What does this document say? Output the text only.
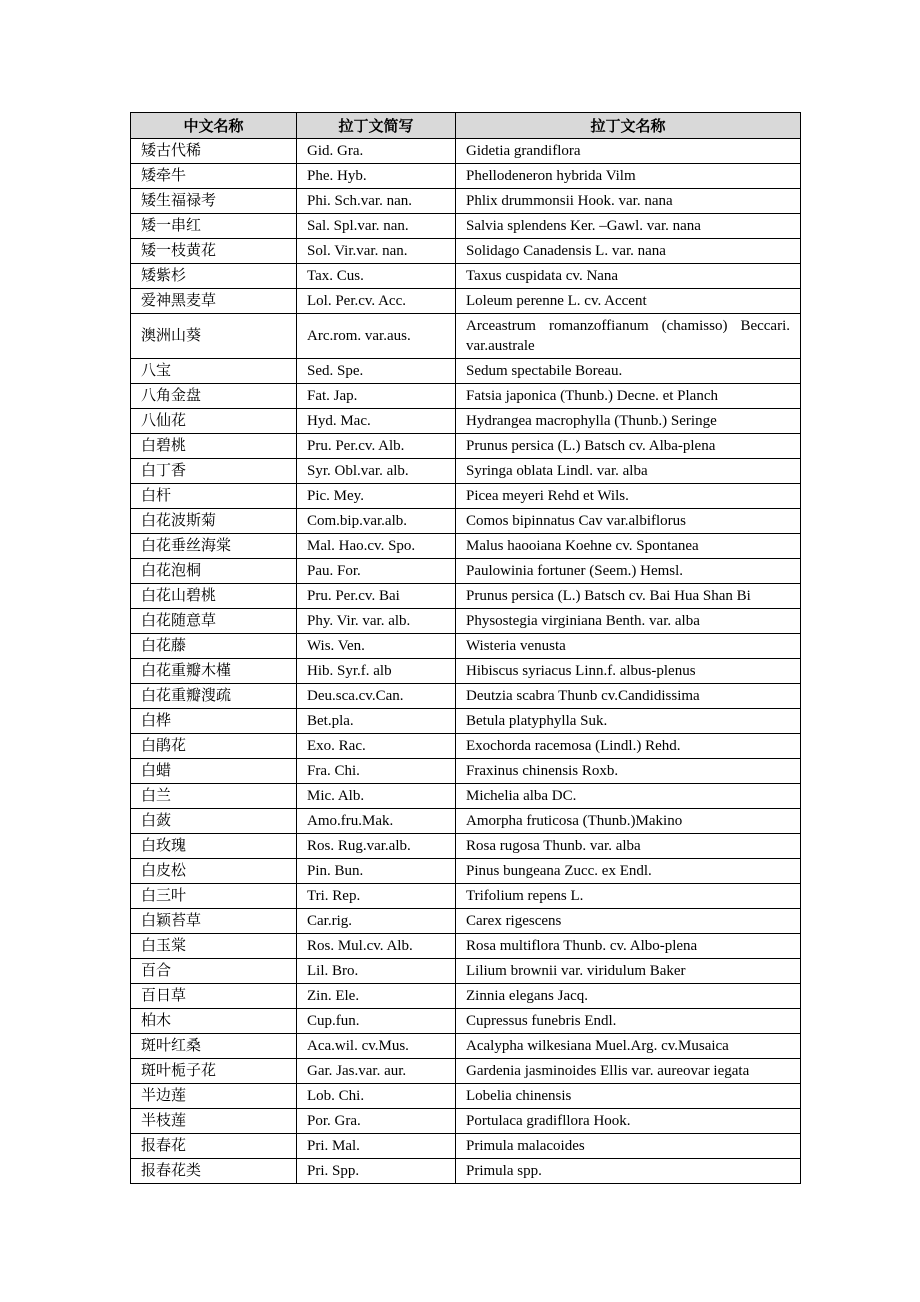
中文名称	拉丁文简写	拉丁文名称
矮古代稀	Gid. Gra.	Gidetia grandiflora
矮牵牛	Phe. Hyb.	Phellodeneron hybrida Vilm
矮生福禄考	Phi. Sch.var. nan.	Phlix drummonsii Hook. var. nana
矮一串红	Sal. Spl.var. nan.	Salvia splendens Ker. –Gawl. var. nana
矮一枝黄花	Sol. Vir.var. nan.	Solidago Canadensis L. var. nana
矮紫杉	Tax. Cus.	Taxus cuspidata cv. Nana
爱神黑麦草	Lol. Per.cv. Acc.	Loleum perenne L. cv. Accent
澳洲山葵	Arc.rom. var.aus.	Arceastrum romanzoffianum (chamisso) Beccari. var.australe
八宝	Sed. Spe.	Sedum spectabile Boreau.
八角金盘	Fat. Jap.	Fatsia japonica (Thunb.) Decne. et Planch
八仙花	Hyd. Mac.	Hydrangea macrophylla (Thunb.) Seringe
白碧桃	Pru. Per.cv. Alb.	Prunus persica (L.) Batsch cv. Alba-plena
白丁香	Syr. Obl.var. alb.	Syringa oblata Lindl. var. alba
白杆	Pic. Mey.	Picea meyeri Rehd et Wils.
白花波斯菊	Com.bip.var.alb.	Comos bipinnatus Cav var.albiflorus
白花垂丝海棠	Mal. Hao.cv. Spo.	Malus haooiana Koehne cv. Spontanea
白花泡桐	Pau. For.	Paulowinia fortuner (Seem.) Hemsl.
白花山碧桃	Pru. Per.cv. Bai	Prunus persica (L.) Batsch cv. Bai Hua Shan Bi
白花随意草	Phy. Vir. var. alb.	Physostegia virginiana Benth. var. alba
白花藤	Wis. Ven.	Wisteria venusta
白花重瓣木槿	Hib. Syr.f. alb	Hibiscus syriacus Linn.f. albus-plenus
白花重瓣溲疏	Deu.sca.cv.Can.	Deutzia scabra Thunb cv.Candidissima
白桦	Bet.pla.	Betula platyphylla Suk.
白鹃花	Exo. Rac.	Exochorda racemosa (Lindl.) Rehd.
白蜡	Fra. Chi.	Fraxinus chinensis Roxb.
白兰	Mic. Alb.	Michelia alba DC.
白蔹	Amo.fru.Mak.	Amorpha fruticosa (Thunb.)Makino
白玫瑰	Ros. Rug.var.alb.	Rosa rugosa Thunb. var. alba
白皮松	Pin. Bun.	Pinus bungeana Zucc. ex Endl.
白三叶	Tri. Rep.	Trifolium repens L.
白颖苔草	Car.rig.	Carex rigescens
白玉棠	Ros. Mul.cv. Alb.	Rosa multiflora Thunb. cv. Albo-plena
百合	Lil. Bro.	Lilium brownii var. viridulum Baker
百日草	Zin. Ele.	Zinnia elegans Jacq.
柏木	Cup.fun.	Cupressus funebris Endl.
斑叶红桑	Aca.wil. cv.Mus.	Acalypha wilkesiana Muel.Arg. cv.Musaica
斑叶栀子花	Gar. Jas.var. aur.	Gardenia jasminoides Ellis var. aureovar iegata
半边莲	Lob. Chi.	Lobelia chinensis
半枝莲	Por. Gra.	Portulaca gradifllora Hook.
报春花	Pri. Mal.	Primula malacoides
报春花类	Pri. Spp.	Primula spp.
